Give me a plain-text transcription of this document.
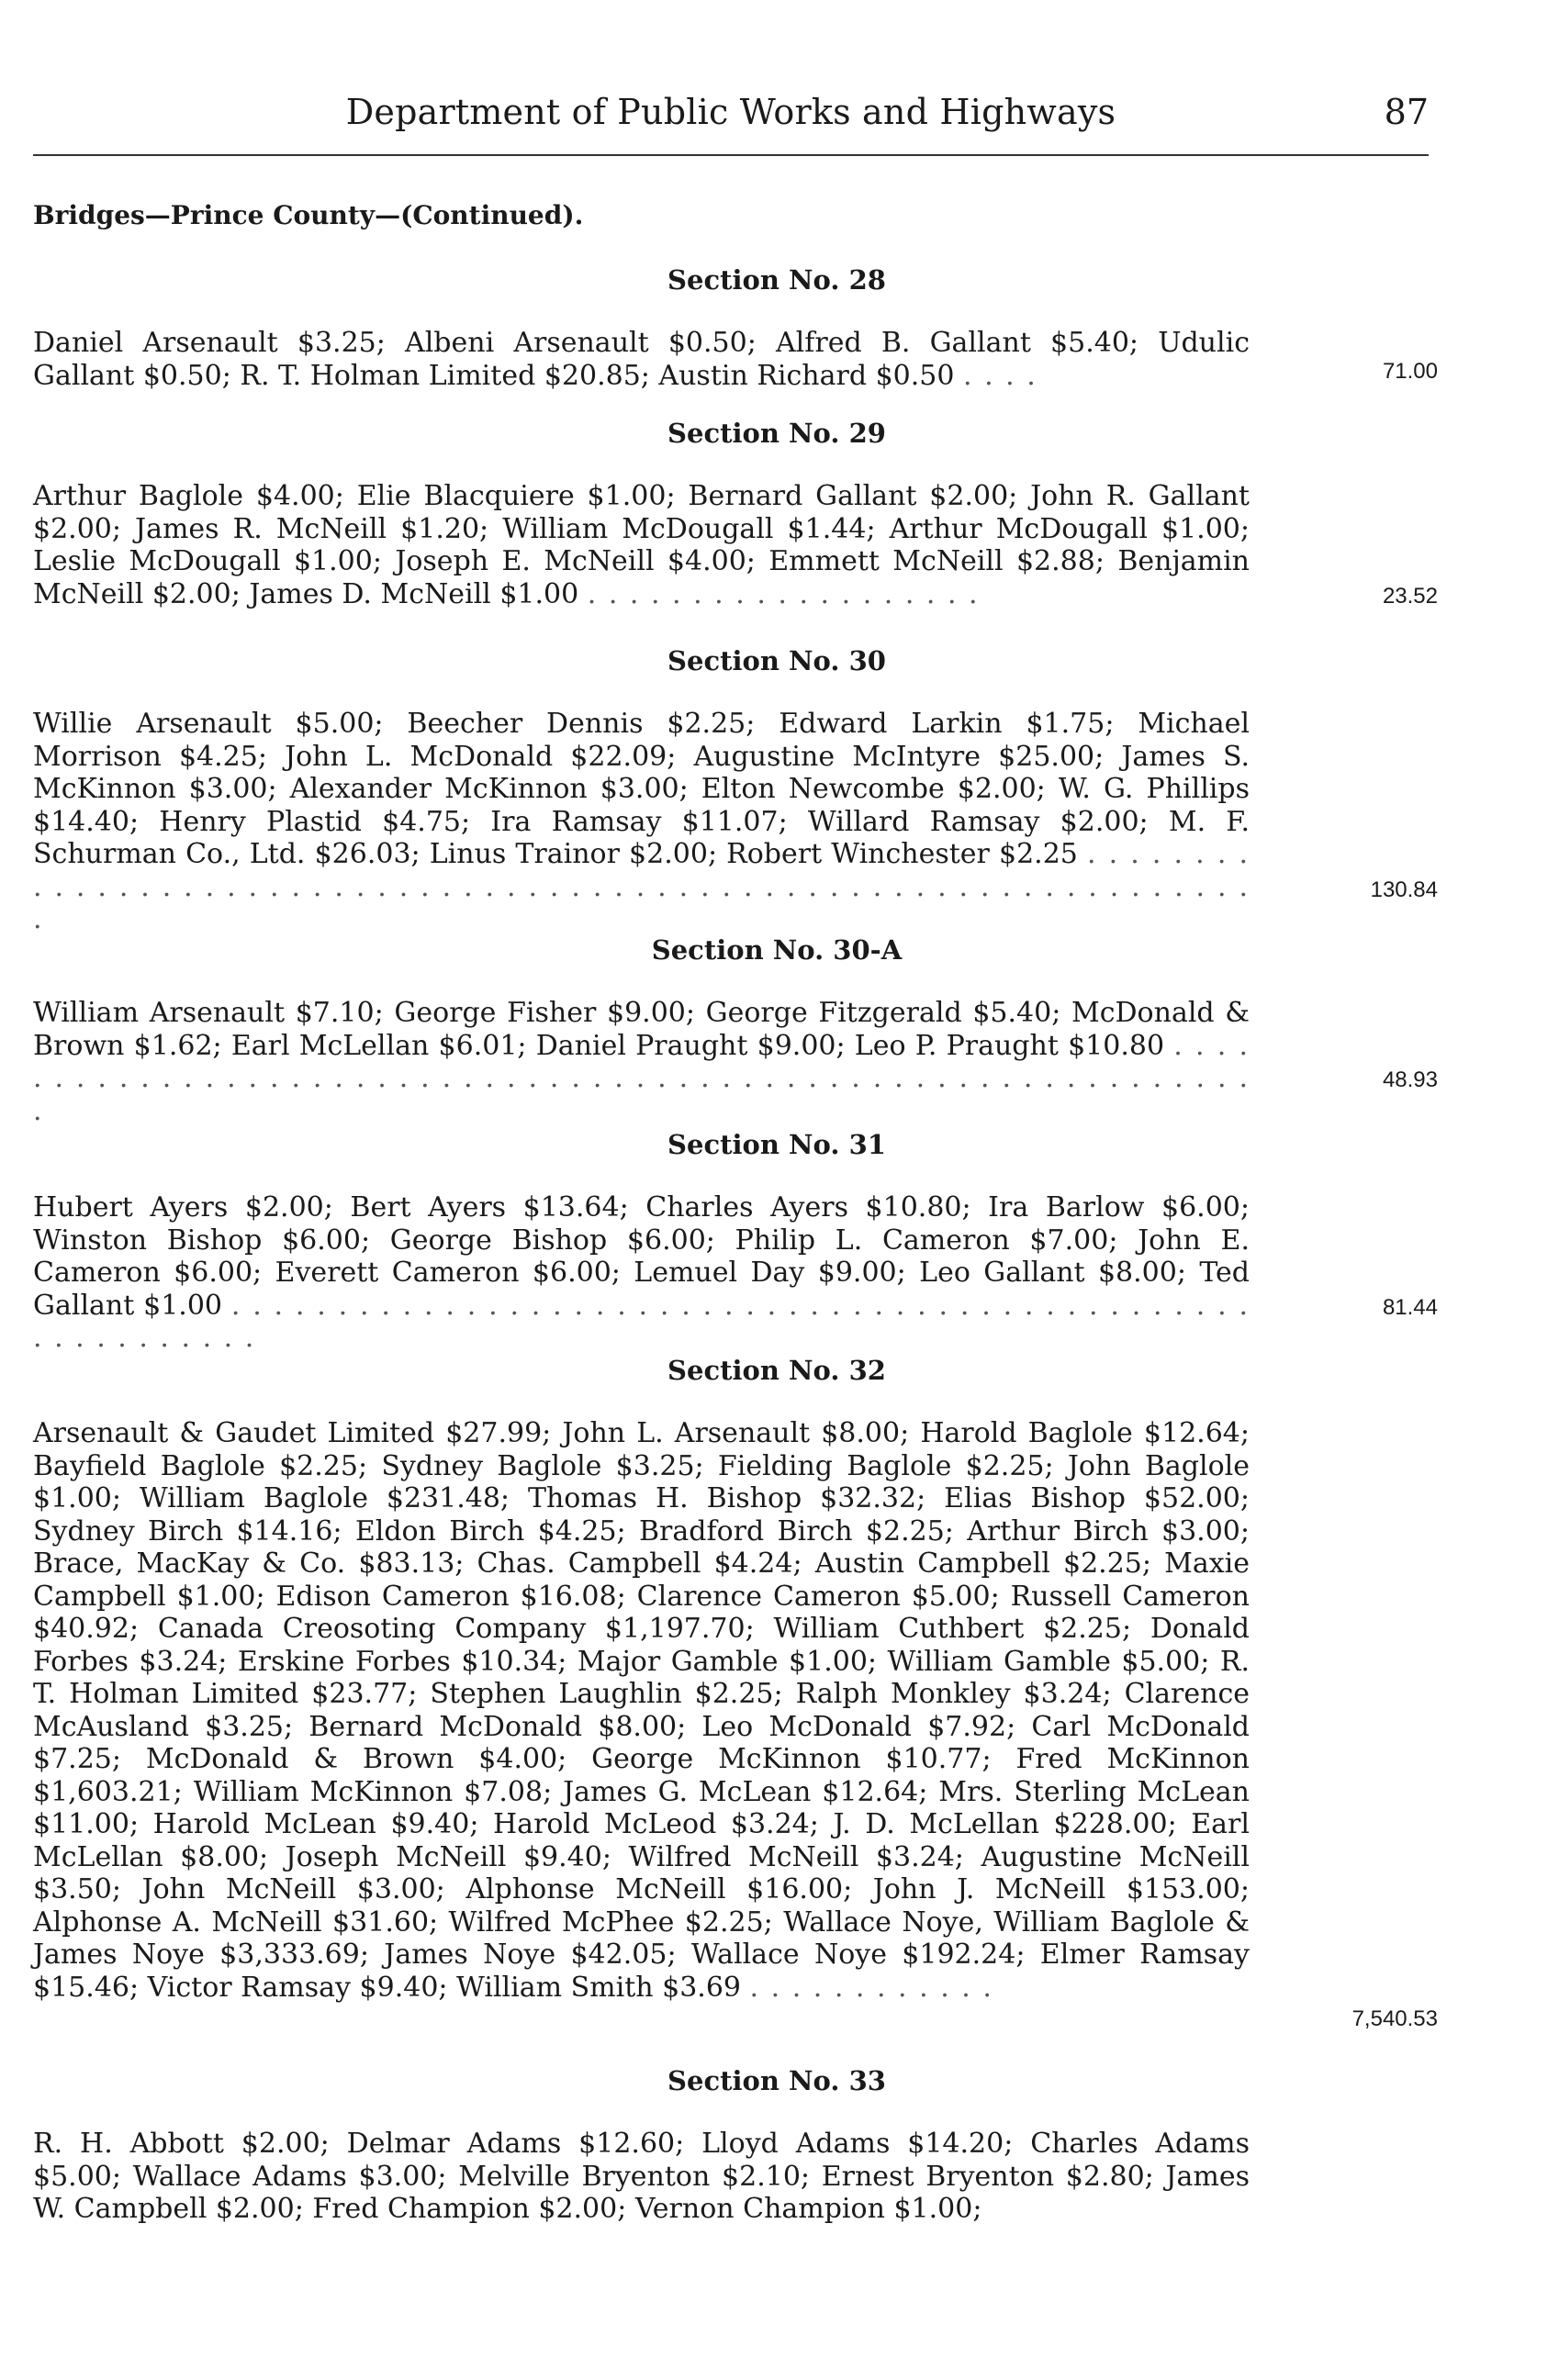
Department of Public Works and Highways	87
Bridges—Prince County—(Continued).
Section No. 28
Daniel Arsenault $3.25; Albeni Arsenault $0.50; Alfred B. Gallant $5.40; Udulic Gallant $0.50; R. T. Holman Limited $20.85; Austin Richard $0.50 . . . .	71.00
Section No. 29
Arthur Baglole $4.00; Elie Blacquiere $1.00; Bernard Gallant $2.00; John R. Gallant $2.00; James R. McNeill $1.20; William McDougall $1.44; Arthur McDougall $1.00; Leslie McDougall $1.00; Joseph E. McNeill $4.00; Emmett McNeill $2.88; Benjamin McNeill $2.00; James D. McNeill $1.00 . . . . . . . . . . . . . . . . . . .	23.52
Section No. 30
Willie Arsenault $5.00; Beecher Dennis $2.25; Edward Larkin $1.75; Michael Morrison $4.25; John L. McDonald $22.09; Augustine McIntyre $25.00; James S. McKinnon $3.00; Alexander McKinnon $3.00; Elton Newcombe $2.00; W. G. Phillips $14.40; Henry Plastid $4.75; Ira Ramsay $11.07; Willard Ramsay $2.00; M. F. Schurman Co., Ltd. $26.03; Linus Trainor $2.00; Robert Winchester $2.25 . . . . . . . . . . . . . . . . . . . . . . . . . . . . . . . . . . . . . . . . . . . . . . . . . . . . . . . . . . . . . . . . . .
130.84
Section No. 30-A
William Arsenault $7.10; George Fisher $9.00; George Fitzgerald $5.40; McDonald & Brown $1.62; Earl McLellan $6.01; Daniel Praught $9.00; Leo P. Praught $10.80 . . . . . . . . . . . . . . . . . . . . . . . . . . . . . . . . . . . . . . . . . . . . . . . . . . . . . . . . . . . . . .
48.93
Section No. 31
Hubert Ayers $2.00; Bert Ayers $13.64; Charles Ayers $10.80; Ira Barlow $6.00; Winston Bishop $6.00; George Bishop $6.00; Philip L. Cameron $7.00; John E. Cameron $6.00; Everett Cameron $6.00; Lemuel Day $9.00; Leo Gallant $8.00; Ted Gallant $1.00 . . . . . . . . . . . . . . . . . . . . . . . . . . . . . . . . . . . . . . . . . . . . . . . . . . . . . . . . . . .
81.44
Section No. 32
Arsenault & Gaudet Limited $27.99; John L. Arsenault $8.00; Harold Baglole $12.64; Bayfield Baglole $2.25; Sydney Baglole $3.25; Fielding Baglole $2.25; John Baglole $1.00; William Baglole $231.48; Thomas H. Bishop $32.32; Elias Bishop $52.00; Sydney Birch $14.16; Eldon Birch $4.25; Bradford Birch $2.25; Arthur Birch $3.00; Brace, MacKay & Co. $83.13; Chas. Campbell $4.24; Austin Campbell $2.25; Maxie Campbell $1.00; Edison Cameron $16.08; Clarence Cameron $5.00; Russell Cameron $40.92; Canada Creosoting Company $1,197.70; William Cuthbert $2.25; Donald Forbes $3.24; Erskine Forbes $10.34; Major Gamble $1.00; William Gamble $5.00; R. T. Holman Limited $23.77; Stephen Laughlin $2.25; Ralph Monkley $3.24; Clarence McAusland $3.25; Bernard McDonald $8.00; Leo McDonald $7.92; Carl McDonald $7.25; McDonald & Brown $4.00; George McKinnon $10.77; Fred McKinnon $1,603.21; William McKinnon $7.08; James G. McLean $12.64; Mrs. Sterling McLean $11.00; Harold McLean $9.40; Harold McLeod $3.24; J. D. McLellan $228.00; Earl McLellan $8.00; Joseph McNeill $9.40; Wilfred McNeill $3.24; Augustine McNeill $3.50; John McNeill $3.00; Alphonse McNeill $16.00; John J. McNeill $153.00; Alphonse A. McNeill $31.60; Wilfred McPhee $2.25; Wallace Noye, William Baglole & James Noye $3,333.69; James Noye $42.05; Wallace Noye $192.24; Elmer Ramsay $15.46; Victor Ramsay $9.40; William Smith $3.69 . . . . . . . . . . . .
7,540.53
Section No. 33
R. H. Abbott $2.00; Delmar Adams $12.60; Lloyd Adams $14.20; Charles Adams $5.00; Wallace Adams $3.00; Melville Bryenton $2.10; Ernest Bryenton $2.80; James W. Campbell $2.00; Fred Champion $2.00; Vernon Champion $1.00;
